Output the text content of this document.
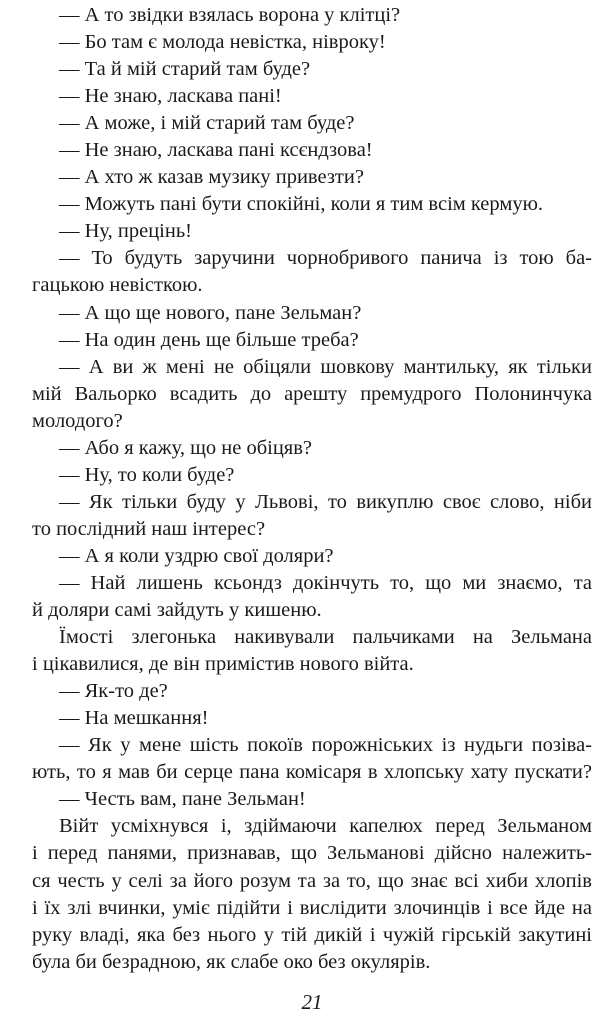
— А то звідки взялась ворона у клітці?
— Бо там є молода невістка, нівроку!
— Та й мій старий там буде?
— Не знаю, ласкава пані!
— А може, і мій старий там буде?
— Не знаю, ласкава пані ксєндзова!
— А хто ж казав музику привезти?
— Можуть пані бути спокійні, коли я тим всім кермую.
— Ну, прецінь!
— То будуть заручини чорнобривого панича із тою ба-
гацькою невісткою.
— А що ще нового, пане Зельман?
— На один день ще більше треба?
— А ви ж мені не обіцяли шовкову мантильку, як тільки
мій Вальорко всадить до арешту премудрого Полонинчука
молодого?
— Або я кажу, що не обіцяв?
— Ну, то коли буде?
— Як тільки буду у Львові, то викуплю своє слово, ніби
то послідний наш інтерес?
— А я коли уздрю свої доляри?
— Най лишень ксьондз докінчуть то, що ми знаємо, та
й доляри самі зайдуть у кишеню.
Їмості злегонька накивували пальчиками на Зельмана
і цікавилися, де він примістив нового війта.
— Як-то де?
— На мешкання!
— Як у мене шість покоїв порожніських із нудьги позіва-
ють, то я мав би серце пана комісаря в хлопську хату пускати?
— Честь вам, пане Зельман!
Війт усміхнувся і, здіймаючи капелюх перед Зельманом
і перед панями, признавав, що Зельманові дійсно належить-
ся честь у селі за його розум та за то, що знає всі хиби хлопів
і їх злі вчинки, уміє підійти і вислідити злочинців і все йде на
руку владі, яка без нього у тій дикій і чужій гірській закутині
була би безрадною, як слабе око без окулярів.
21
